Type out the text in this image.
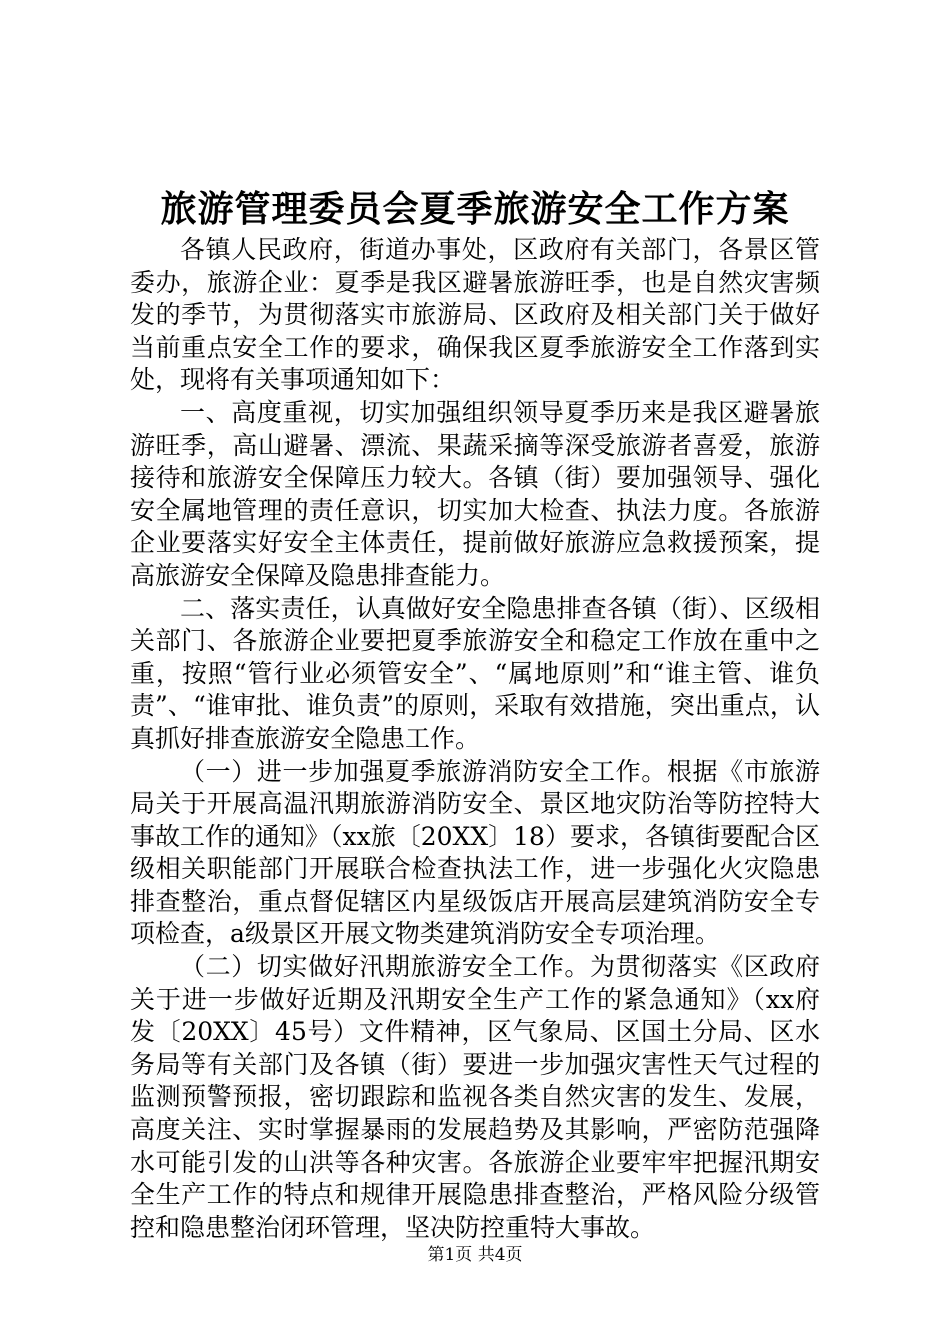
旅游管理委员会夏季旅游安全工作方案

各镇人民政府，街道办事处，区政府有关部门，各景区管委办，旅游企业：夏季是我区避暑旅游旺季，也是自然灾害频发的季节，为贯彻落实市旅游局、区政府及相关部门关于做好当前重点安全工作的要求，确保我区夏季旅游安全工作落到实处，现将有关事项通知如下：

一、高度重视，切实加强组织领导夏季历来是我区避暑旅游旺季，高山避暑、漂流、果蔬采摘等深受旅游者喜爱，旅游接待和旅游安全保障压力较大。各镇（街）要加强领导、强化安全属地管理的责任意识，切实加大检查、执法力度。各旅游企业要落实好安全主体责任，提前做好旅游应急救援预案，提高旅游安全保障及隐患排查能力。

二、落实责任，认真做好安全隐患排查各镇（街）、区级相关部门、各旅游企业要把夏季旅游安全和稳定工作放在重中之重，按照“管行业必须管安全”、“属地原则”和“谁主管、谁负责”、“谁审批、谁负责”的原则，采取有效措施，突出重点，认真抓好排查旅游安全隐患工作。

（一）进一步加强夏季旅游消防安全工作。根据《市旅游局关于开展高温汛期旅游消防安全、景区地灾防治等防控特大事故工作的通知》（xx旅〔20XX〕18）要求，各镇街要配合区级相关职能部门开展联合检查执法工作，进一步强化火灾隐患排查整治，重点督促辖区内星级饭店开展高层建筑消防安全专项检查，a级景区开展文物类建筑消防安全专项治理。

（二）切实做好汛期旅游安全工作。为贯彻落实《区政府关于进一步做好近期及汛期安全生产工作的紧急通知》（xx府发〔20XX〕45号）文件精神，区气象局、区国土分局、区水务局等有关部门及各镇（街）要进一步加强灾害性天气过程的监测预警预报，密切跟踪和监视各类自然灾害的发生、发展，高度关注、实时掌握暴雨的发展趋势及其影响，严密防范强降水可能引发的山洪等各种灾害。各旅游企业要牢牢把握汛期安全生产工作的特点和规律开展隐患排查整治，严格风险分级管控和隐患整治闭环管理，坚决防控重特大事故。

第1页 共4页
